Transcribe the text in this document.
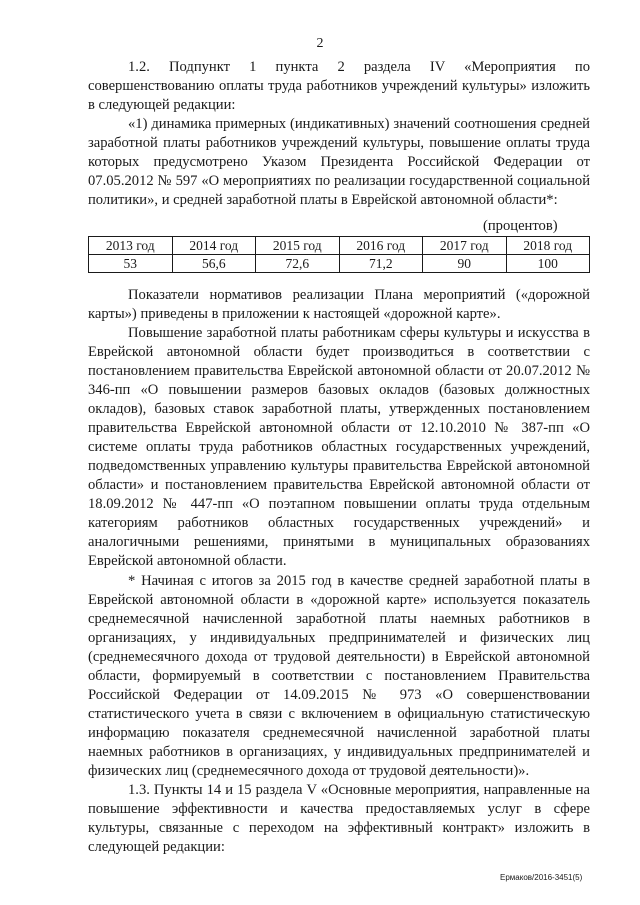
2

1.2. Подпункт 1 пункта 2 раздела IV «Мероприятия по совершенствованию оплаты труда работников учреждений культуры» изложить в следующей редакции:

«1) динамика примерных (индикативных) значений соотношения средней заработной платы работников учреждений культуры, повышение оплаты труда которых предусмотрено Указом Президента Российской Федерации от 07.05.2012 № 597 «О мероприятиях по реализации государственной социальной политики», и средней заработной платы в Еврейской автономной области*:

(процентов)
2013 год	2014 год	2015 год	2016 год	2017 год	2018 год
53	56,6	72,6	71,2	90	100

Показатели нормативов реализации Плана мероприятий («дорожной карты») приведены в приложении к настоящей «дорожной карте».

Повышение заработной платы работникам сферы культуры и искусства в Еврейской автономной области будет производиться в соответствии с постановлением правительства Еврейской автономной области от 20.07.2012 № 346-пп «О повышении размеров базовых окладов (базовых должностных окладов), базовых ставок заработной платы, утвержденных постановлением правительства Еврейской автономной области от 12.10.2010 № 387-пп «О системе оплаты труда работников областных государственных учреждений, подведомственных управлению культуры правительства Еврейской автономной области» и постановлением правительства Еврейской автономной области от 18.09.2012 № 447-пп «О поэтапном повышении оплаты труда отдельным категориям работников областных государственных учреждений» и аналогичными решениями, принятыми в муниципальных образованиях Еврейской автономной области.

* Начиная с итогов за 2015 год в качестве средней заработной платы в Еврейской автономной области в «дорожной карте» используется показатель среднемесячной начисленной заработной платы наемных работников в организациях, у индивидуальных предпринимателей и физических лиц (среднемесячного дохода от трудовой деятельности) в Еврейской автономной области, формируемый в соответствии с постановлением Правительства Российской Федерации от 14.09.2015 № 973 «О совершенствовании статистического учета в связи с включением в официальную статистическую информацию показателя среднемесячной начисленной заработной платы наемных работников в организациях, у индивидуальных предпринимателей и физических лиц (среднемесячного дохода от трудовой деятельности)».

1.3. Пункты 14 и 15 раздела V «Основные мероприятия, направленные на повышение эффективности и качества предоставляемых услуг в сфере культуры, связанные с переходом на эффективный контракт» изложить в следующей редакции:

Ермаков/2016-3451(5)
